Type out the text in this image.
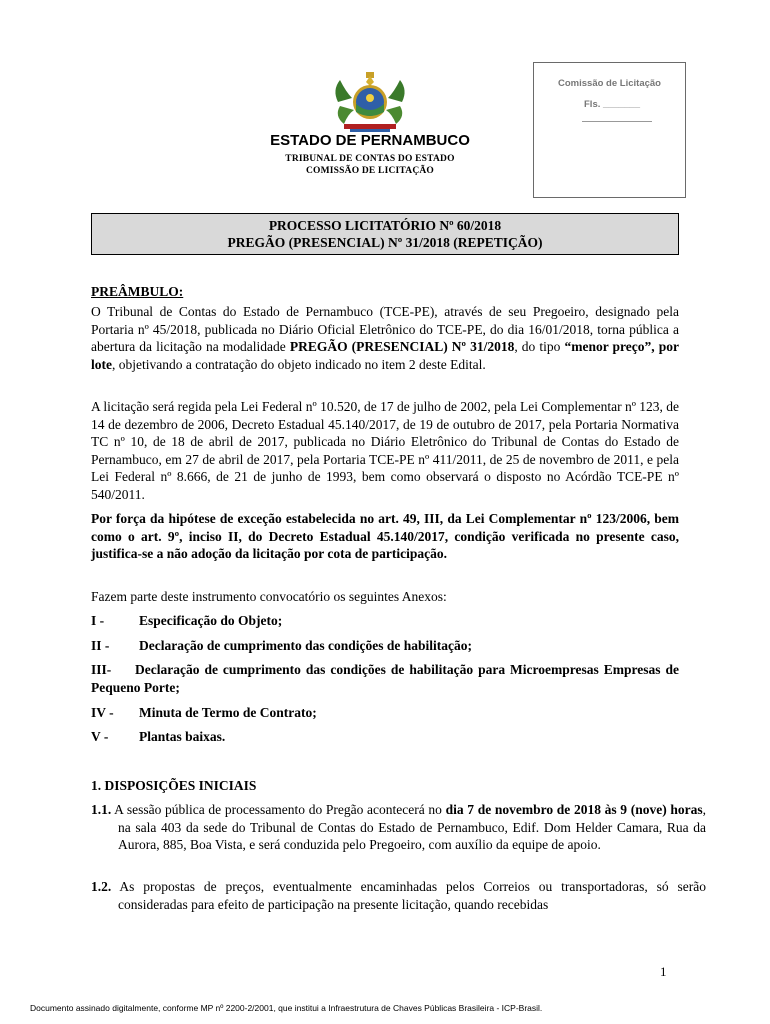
ESTADO DE PERNAMBUCO
TRIBUNAL DE CONTAS DO ESTADO
COMISSÃO DE LICITAÇÃO
Comissão de Licitação
Fls. _______
PROCESSO LICITATÓRIO Nº 60/2018
PREGÃO (PRESENCIAL) Nº 31/2018 (REPETIÇÃO)
PREÂMBULO:
O Tribunal de Contas do Estado de Pernambuco (TCE-PE), através de seu Pregoeiro, designado pela Portaria nº 45/2018, publicada no Diário Oficial Eletrônico do TCE-PE, do dia 16/01/2018, torna pública a abertura da licitação na modalidade PREGÃO (PRESENCIAL) Nº 31/2018, do tipo “menor preço”, por lote, objetivando a contratação do objeto indicado no item 2 deste Edital.
A licitação será regida pela Lei Federal nº 10.520, de 17 de julho de 2002, pela Lei Complementar nº 123, de 14 de dezembro de 2006, Decreto Estadual 45.140/2017, de 19 de outubro de 2017, pela Portaria Normativa TC nº 10, de 18 de abril de 2017, publicada no Diário Eletrônico do Tribunal de Contas do Estado de Pernambuco, em 27 de abril de 2017, pela Portaria TCE-PE nº 411/2011, de 25 de novembro de 2011, e pela Lei Federal nº 8.666, de 21 de junho de 1993, bem como observará o disposto no Acórdão TCE-PE nº 540/2011.
Por força da hipótese de exceção estabelecida no art. 49, III, da Lei Complementar nº 123/2006, bem como o art. 9º, inciso II, do Decreto Estadual 45.140/2017, condição verificada no presente caso, justifica-se a não adoção da licitação por cota de participação.
Fazem parte deste instrumento convocatório os seguintes Anexos:
I -	Especificação do Objeto;
II - Declaração de cumprimento das condições de habilitação;
III- Declaração de cumprimento das condições de habilitação para Microempresas Empresas de Pequeno Porte;
IV - Minuta de Termo de Contrato;
V - Plantas baixas.
1. DISPOSIÇÕES INICIAIS
1.1. A sessão pública de processamento do Pregão acontecerá no dia 7 de novembro de 2018 às 9 (nove) horas, na sala 403 da sede do Tribunal de Contas do Estado de Pernambuco, Edif. Dom Helder Camara, Rua da Aurora, 885, Boa Vista, e será conduzida pelo Pregoeiro, com auxílio da equipe de apoio.
1.2. As propostas de preços, eventualmente encaminhadas pelos Correios ou transportadoras, só serão consideradas para efeito de participação na presente licitação, quando recebidas
1
Documento assinado digitalmente, conforme MP nº 2200-2/2001, que institui a Infraestrutura de Chaves Públicas Brasileira - ICP-Brasil.
